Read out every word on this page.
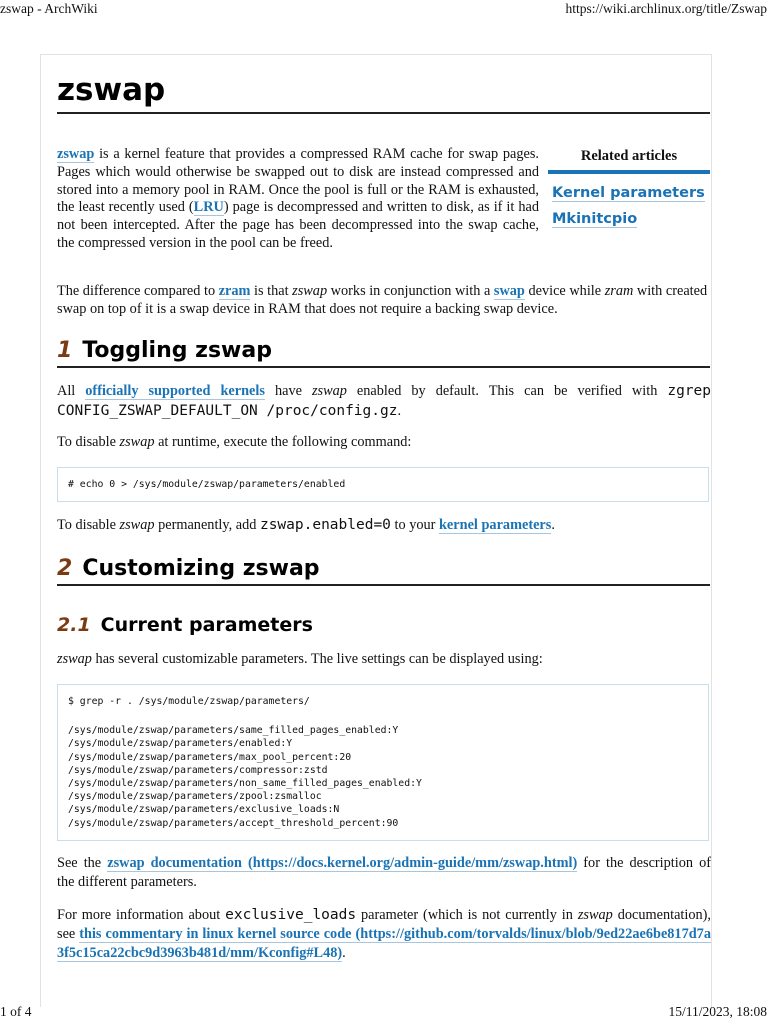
zswap - ArchWiki	https://wiki.archlinux.org/title/Zswap
1 of 4	15/11/2023, 18:08
zswap
Related articles
Kernel parameters
Mkinitcpio

zswap is a kernel feature that provides a compressed RAM cache for swap pages. Pages which would otherwise be swapped out to disk are instead compressed and stored into a memory pool in RAM. Once the pool is full or the RAM is exhausted, the least recently used (LRU) page is decompressed and written to disk, as if it had not been intercepted. After the page has been decompressed into the swap cache, the compressed version in the pool can be freed.

The difference compared to zram is that zswap works in conjunction with a swap device while zram with created swap on top of it is a swap device in RAM that does not require a backing swap device.

1 Toggling zswap

All officially supported kernels have zswap enabled by default. This can be verified with zgrep CONFIG_ZSWAP_DEFAULT_ON /proc/config.gz.

To disable zswap at runtime, execute the following command:

# echo 0 > /sys/module/zswap/parameters/enabled

To disable zswap permanently, add zswap.enabled=0 to your kernel parameters.

2 Customizing zswap
2.1 Current parameters

zswap has several customizable parameters. The live settings can be displayed using:

$ grep -r . /sys/module/zswap/parameters/
/sys/module/zswap/parameters/same_filled_pages_enabled:Y
/sys/module/zswap/parameters/enabled:Y
/sys/module/zswap/parameters/max_pool_percent:20
/sys/module/zswap/parameters/compressor:zstd
/sys/module/zswap/parameters/non_same_filled_pages_enabled:Y
/sys/module/zswap/parameters/zpool:zsmalloc
/sys/module/zswap/parameters/exclusive_loads:N
/sys/module/zswap/parameters/accept_threshold_percent:90

See the zswap documentation (https://docs.kernel.org/admin-guide/mm/zswap.html) for the description of the different parameters.

For more information about exclusive_loads parameter (which is not currently in zswap documentation), see this commentary in linux kernel source code (https://github.com/torvalds/linux/blob/9ed22ae6be817d7a3f5c15ca22cbc9d3963b481d/mm/Kconfig#L48).
